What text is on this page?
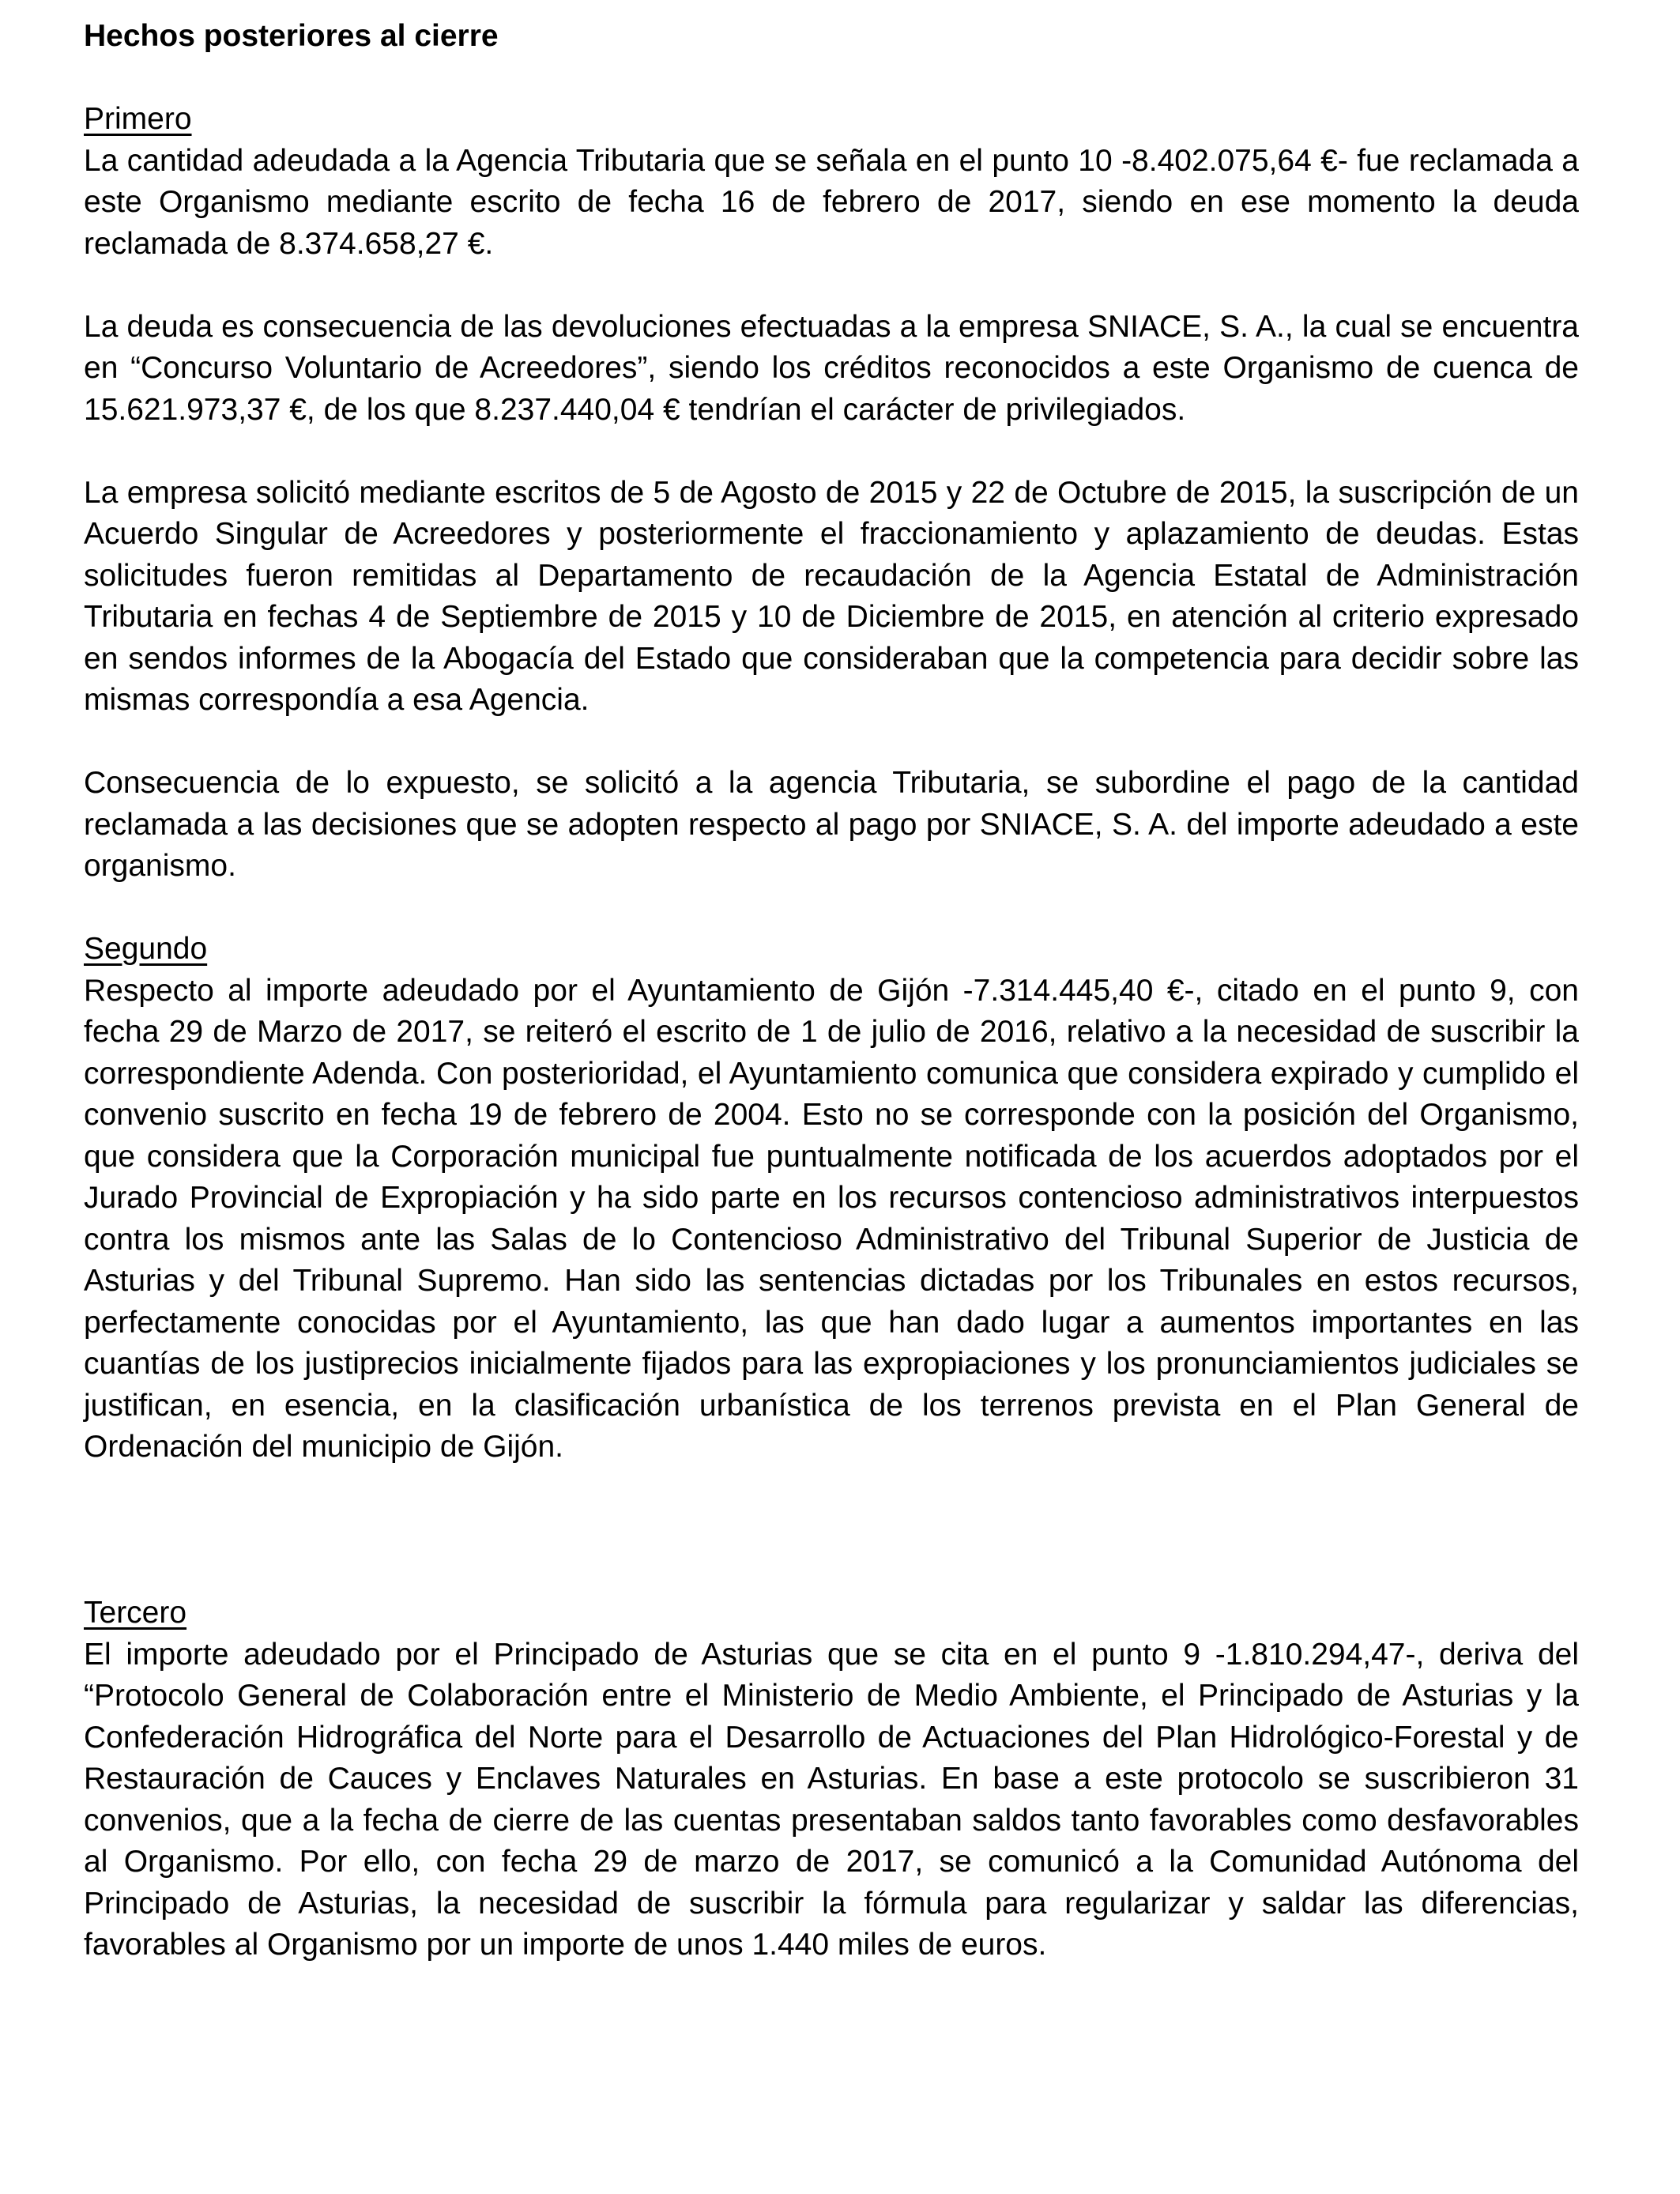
Hechos posteriores al cierre
Primero

La cantidad adeudada a la Agencia Tributaria que se señala en el punto 10 -8.402.075,64 €- fue reclamada a este Organismo mediante escrito de fecha 16 de febrero de 2017, siendo en ese momento la deuda reclamada de 8.374.658,27 €.

La deuda es consecuencia de las devoluciones efectuadas a la empresa SNIACE, S. A., la cual se encuentra en “Concurso Voluntario de Acreedores”, siendo los créditos reconocidos a este Organismo de cuenca de 15.621.973,37 €, de los que 8.237.440,04 € tendrían el carácter de privilegiados.

La empresa solicitó mediante escritos de 5 de Agosto de 2015 y 22 de Octubre de 2015, la suscripción de un Acuerdo Singular de Acreedores y posteriormente el fraccionamiento y aplazamiento de deudas. Estas solicitudes fueron remitidas al Departamento de recaudación de la Agencia Estatal de Administración Tributaria en fechas 4 de Septiembre de 2015 y 10 de Diciembre de 2015, en atención al criterio expresado en sendos informes de la Abogacía del Estado que consideraban que la competencia para decidir sobre las mismas correspondía a esa Agencia.

Consecuencia de lo expuesto, se solicitó a la agencia Tributaria, se subordine el pago de la cantidad reclamada a las decisiones que se adopten respecto al pago por SNIACE, S. A. del importe adeudado a este organismo.

Segundo

Respecto al importe adeudado por el Ayuntamiento de Gijón -7.314.445,40 €-, citado en el punto 9, con fecha 29 de Marzo de 2017, se reiteró el escrito de 1 de julio de 2016, relativo a la necesidad de suscribir la correspondiente Adenda. Con posterioridad, el Ayuntamiento comunica que considera expirado y cumplido el convenio suscrito en fecha 19 de febrero de 2004. Esto no se corresponde con la posición del Organismo, que considera que la Corporación municipal fue puntualmente notificada de los acuerdos adoptados por el Jurado Provincial de Expropiación y ha sido parte en los recursos contencioso administrativos interpuestos contra los mismos ante las Salas de lo Contencioso Administrativo del Tribunal Superior de Justicia de Asturias y del Tribunal Supremo. Han sido las sentencias dictadas por los Tribunales en estos recursos, perfectamente conocidas por el Ayuntamiento, las que han dado lugar a aumentos importantes en las cuantías de los justiprecios inicialmente fijados para las expropiaciones y los pronunciamientos judiciales se justifican, en esencia, en la clasificación urbanística de los terrenos prevista en el Plan General de Ordenación del municipio de Gijón.

Tercero

El importe adeudado por el Principado de Asturias que se cita en el punto 9 -1.810.294,47-, deriva del “Protocolo General de Colaboración entre el Ministerio de Medio Ambiente, el Principado de Asturias y la Confederación Hidrográfica del Norte para el Desarrollo de Actuaciones del Plan Hidrológico-Forestal y de Restauración de Cauces y Enclaves Naturales en Asturias. En base a este protocolo se suscribieron 31 convenios, que a la fecha de cierre de las cuentas presentaban saldos tanto favorables como desfavorables al Organismo. Por ello, con fecha 29 de marzo de 2017, se comunicó a la Comunidad Autónoma del Principado de Asturias, la necesidad de suscribir la fórmula para regularizar y saldar las diferencias, favorables al Organismo por un importe de unos 1.440 miles de euros.
